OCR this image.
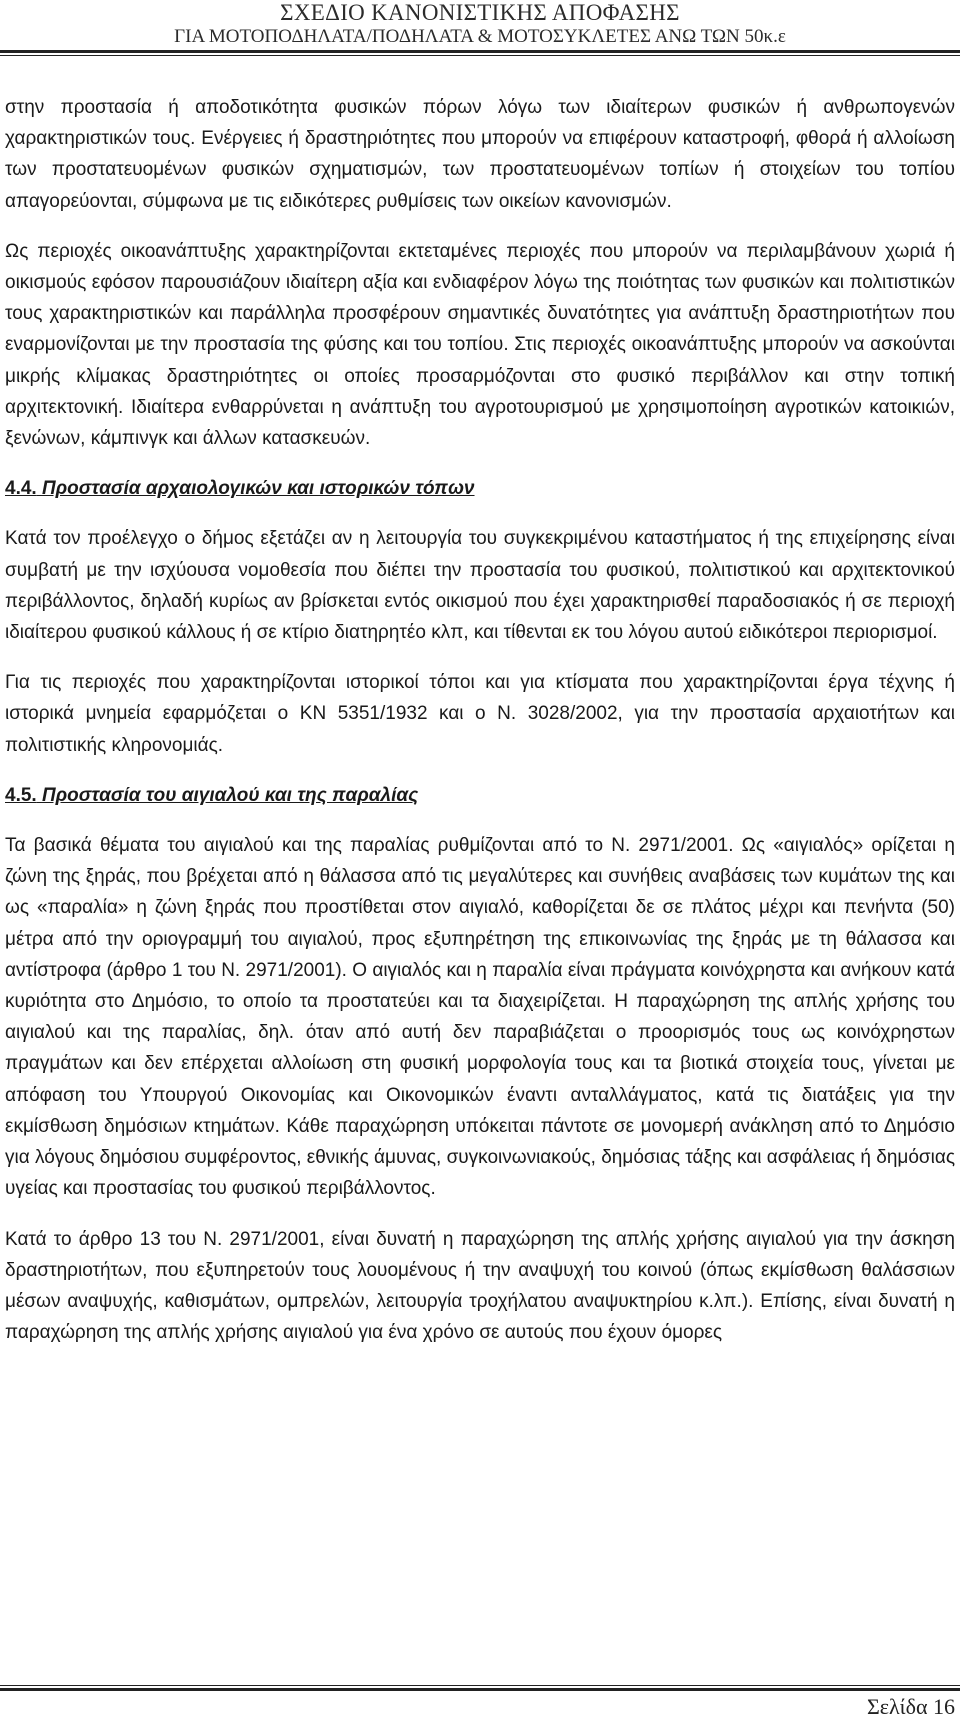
ΣΧΕΔΙΟ ΚΑΝΟΝΙΣΤΙΚΗΣ ΑΠΟΦΑΣΗΣ
ΓΙΑ ΜΟΤΟΠΟΔΗΛΑΤΑ/ΠΟΔΗΛΑΤΑ & ΜΟΤΟΣΥΚΛΕΤΕΣ ΑΝΩ ΤΩΝ 50κ.ε

στην προστασία ή αποδοτικότητα φυσικών πόρων λόγω των ιδιαίτερων φυσικών ή ανθρωπογενών χαρακτηριστικών τους. Ενέργειες ή δραστηριότητες που μπορούν να επιφέρουν καταστροφή, φθορά ή αλλοίωση των προστατευομένων φυσικών σχηματισμών, των προστατευομένων τοπίων ή στοιχείων του τοπίου απαγορεύονται, σύμφωνα με τις ειδικότερες ρυθμίσεις των οικείων κανονισμών.

Ως περιοχές οικοανάπτυξης χαρακτηρίζονται εκτεταμένες περιοχές που μπορούν να περιλαμβάνουν χωριά ή οικισμούς εφόσον παρουσιάζουν ιδιαίτερη αξία και ενδιαφέρον λόγω της ποιότητας των φυσικών και πολιτιστικών τους χαρακτηριστικών και παράλληλα προσφέρουν σημαντικές δυνατότητες για ανάπτυξη δραστηριοτήτων που εναρμονίζονται με την προστασία της φύσης και του τοπίου. Στις περιοχές οικοανάπτυξης μπορούν να ασκούνται μικρής κλίμακας δραστηριότητες οι οποίες προσαρμόζονται στο φυσικό περιβάλλον και στην τοπική αρχιτεκτονική. Ιδιαίτερα ενθαρρύνεται η ανάπτυξη του αγροτουρισμού με χρησιμοποίηση αγροτικών κατοικιών, ξενώνων, κάμπινγκ και άλλων κατασκευών.

4.4. Προστασία αρχαιολογικών και ιστορικών τόπων

Κατά τον προέλεγχο ο δήμος εξετάζει αν η λειτουργία του συγκεκριμένου καταστήματος ή της επιχείρησης είναι συμβατή με την ισχύουσα νομοθεσία που διέπει την προστασία του φυσικού, πολιτιστικού και αρχιτεκτονικού περιβάλλοντος, δηλαδή κυρίως αν βρίσκεται εντός οικισμού που έχει χαρακτηρισθεί παραδοσιακός ή σε περιοχή ιδιαίτερου φυσικού κάλλους ή σε κτίριο διατηρητέο κλπ, και τίθενται εκ του λόγου αυτού ειδικότεροι περιορισμοί.

Για τις περιοχές που χαρακτηρίζονται ιστορικοί τόποι και για κτίσματα που χαρακτηρίζονται έργα τέχνης ή ιστορικά μνημεία εφαρμόζεται ο ΚΝ 5351/1932 και ο Ν. 3028/2002, για την προστασία αρχαιοτήτων και πολιτιστικής κληρονομιάς.

4.5. Προστασία του αιγιαλού και της παραλίας

Τα βασικά θέματα του αιγιαλού και της παραλίας ρυθμίζονται από το Ν. 2971/2001. Ως «αιγιαλός» ορίζεται η ζώνη της ξηράς, που βρέχεται από η θάλασσα από τις μεγαλύτερες και συνήθεις αναβάσεις των κυμάτων της και ως «παραλία» η ζώνη ξηράς που προστίθεται στον αιγιαλό, καθορίζεται δε σε πλάτος μέχρι και πενήντα (50) μέτρα από την οριογραμμή του αιγιαλού, προς εξυπηρέτηση της επικοινωνίας της ξηράς με τη θάλασσα και αντίστροφα (άρθρο 1 του Ν. 2971/2001). Ο αιγιαλός και η παραλία είναι πράγματα κοινόχρηστα και ανήκουν κατά κυριότητα στο Δημόσιο, το οποίο τα προστατεύει και τα διαχειρίζεται. Η παραχώρηση της απλής χρήσης του αιγιαλού και της παραλίας, δηλ. όταν από αυτή δεν παραβιάζεται ο προορισμός τους ως κοινόχρηστων πραγμάτων και δεν επέρχεται αλλοίωση στη φυσική μορφολογία τους και τα βιοτικά στοιχεία τους, γίνεται με απόφαση του Υπουργού Οικονομίας και Οικονομικών έναντι ανταλλάγματος, κατά τις διατάξεις για την εκμίσθωση δημόσιων κτημάτων. Κάθε παραχώρηση υπόκειται πάντοτε σε μονομερή ανάκληση από το Δημόσιο για λόγους δημόσιου συμφέροντος, εθνικής άμυνας, συγκοινωνιακούς, δημόσιας τάξης και ασφάλειας ή δημόσιας υγείας και προστασίας του φυσικού περιβάλλοντος.

Κατά το άρθρο 13 του Ν. 2971/2001, είναι δυνατή η παραχώρηση της απλής χρήσης αιγιαλού για την άσκηση δραστηριοτήτων, που εξυπηρετούν τους λουομένους ή την αναψυχή του κοινού (όπως εκμίσθωση θαλάσσιων μέσων αναψυχής, καθισμάτων, ομπρελών, λειτουργία τροχήλατου αναψυκτηρίου κ.λπ.). Επίσης, είναι δυνατή η παραχώρηση της απλής χρήσης αιγιαλού για ένα χρόνο σε αυτούς που έχουν όμορες

Σελίδα 16
